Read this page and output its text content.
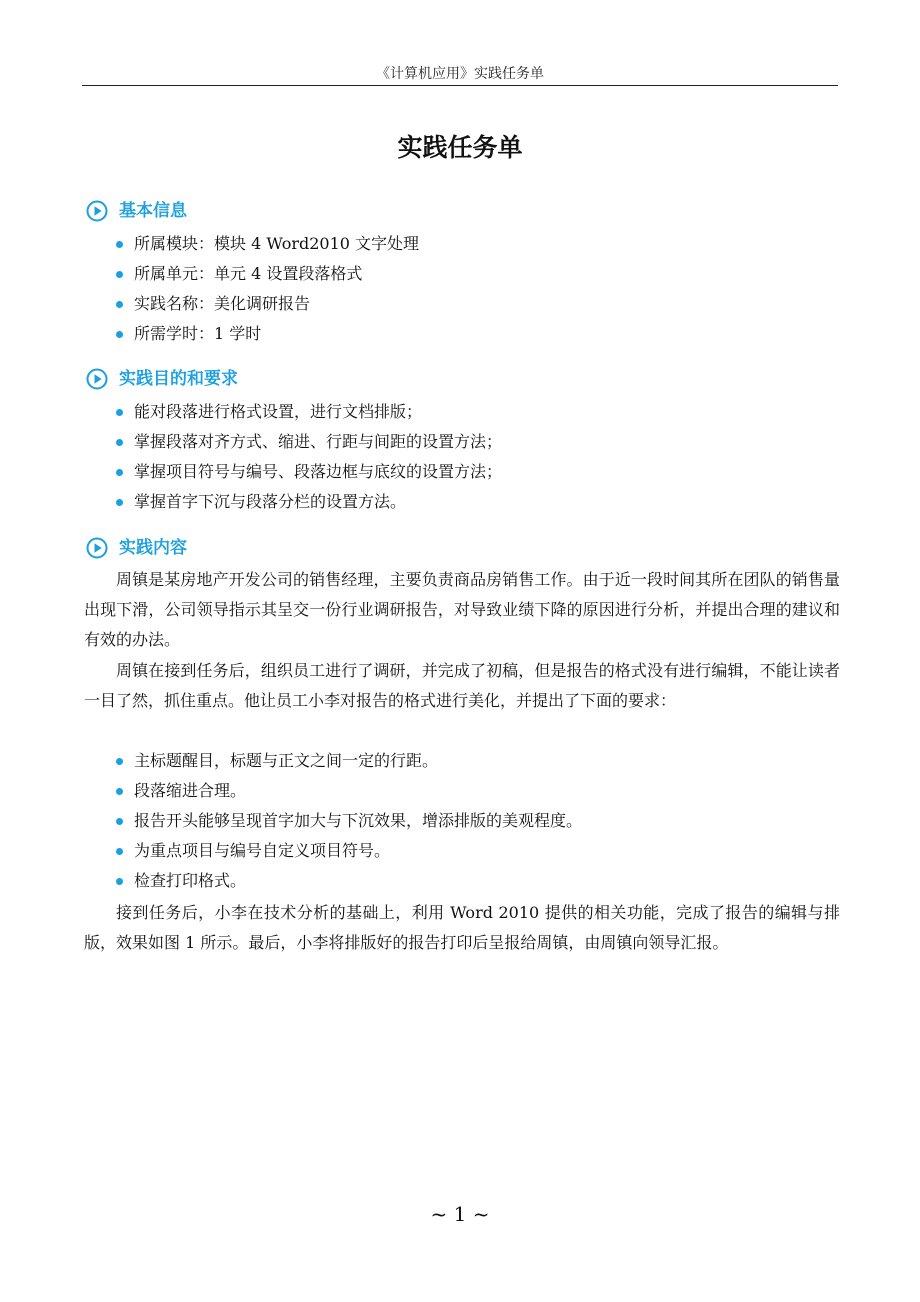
《计算机应用》实践任务单
实践任务单
基本信息
所属模块：模块 4 Word2010 文字处理
所属单元：单元 4 设置段落格式
实践名称：美化调研报告
所需学时：1 学时
实践目的和要求
能对段落进行格式设置，进行文档排版；
掌握段落对齐方式、缩进、行距与间距的设置方法；
掌握项目符号与编号、段落边框与底纹的设置方法；
掌握首字下沉与段落分栏的设置方法。
实践内容

周镇是某房地产开发公司的销售经理，主要负责商品房销售工作。由于近一段时间其所在团队的销售量出现下滑，公司领导指示其呈交一份行业调研报告，对导致业绩下降的原因进行分析，并提出合理的建议和有效的办法。

周镇在接到任务后，组织员工进行了调研，并完成了初稿，但是报告的格式没有进行编辑，不能让读者一目了然，抓住重点。他让员工小李对报告的格式进行美化，并提出了下面的要求：

主标题醒目，标题与正文之间一定的行距。
段落缩进合理。
报告开头能够呈现首字加大与下沉效果，增添排版的美观程度。
为重点项目与编号自定义项目符号。
检查打印格式。

接到任务后，小李在技术分析的基础上，利用 Word 2010 提供的相关功能，完成了报告的编辑与排版，效果如图 1 所示。最后，小李将排版好的报告打印后呈报给周镇，由周镇向领导汇报。

~ 1 ~
